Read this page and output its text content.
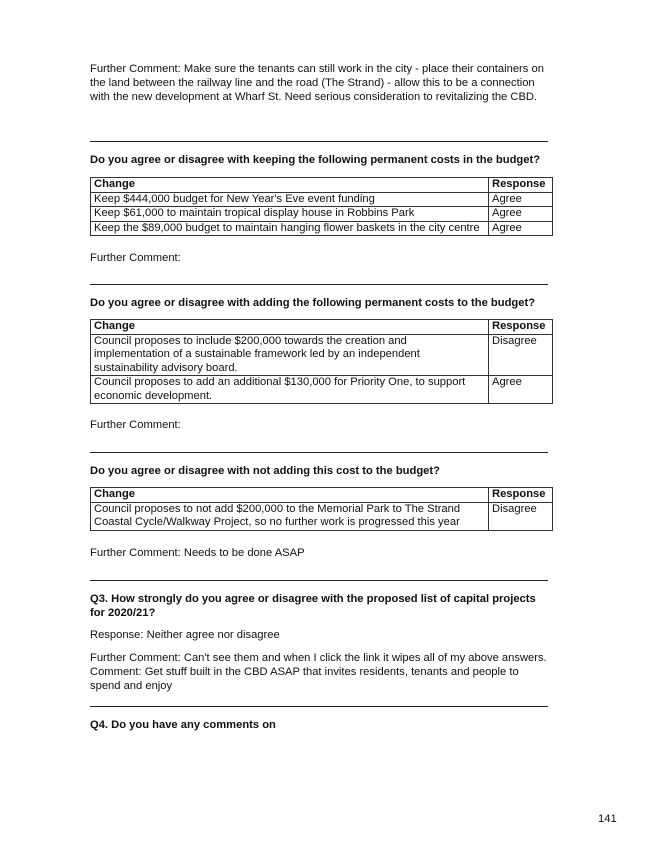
Further Comment: Make sure the tenants can still work in the city - place their containers on the land between the railway line and the road (The Strand) - allow this to be a connection with the new development at Wharf St. Need serious consideration to revitalizing the CBD.

Do you agree or disagree with keeping the following permanent costs in the budget?

Change	Response
Keep $444,000 budget for New Year's Eve event funding	Agree
Keep $61,000 to maintain tropical display house in Robbins Park	Agree
Keep the $89,000 budget to maintain hanging flower baskets in the city centre	Agree

Further Comment:

Do you agree or disagree with adding the following permanent costs to the budget?

Change	Response
Council proposes to include $200,000 towards the creation and implementation of a sustainable framework led by an independent sustainability advisory board.	Disagree
Council proposes to add an additional $130,000 for Priority One, to support economic development.	Agree

Further Comment:

Do you agree or disagree with not adding this cost to the budget?

Change	Response
Council proposes to not add $200,000 to the Memorial Park to The Strand Coastal Cycle/Walkway Project, so no further work is progressed this year	Disagree

Further Comment: Needs to be done ASAP

Q3. How strongly do you agree or disagree with the proposed list of capital projects for 2020/21?

Response: Neither agree nor disagree

Further Comment: Can't see them and when I click the link it wipes all of my above answers.

Comment: Get stuff built in the CBD ASAP that invites residents, tenants and people to spend and enjoy

Q4. Do you have any comments on

141
